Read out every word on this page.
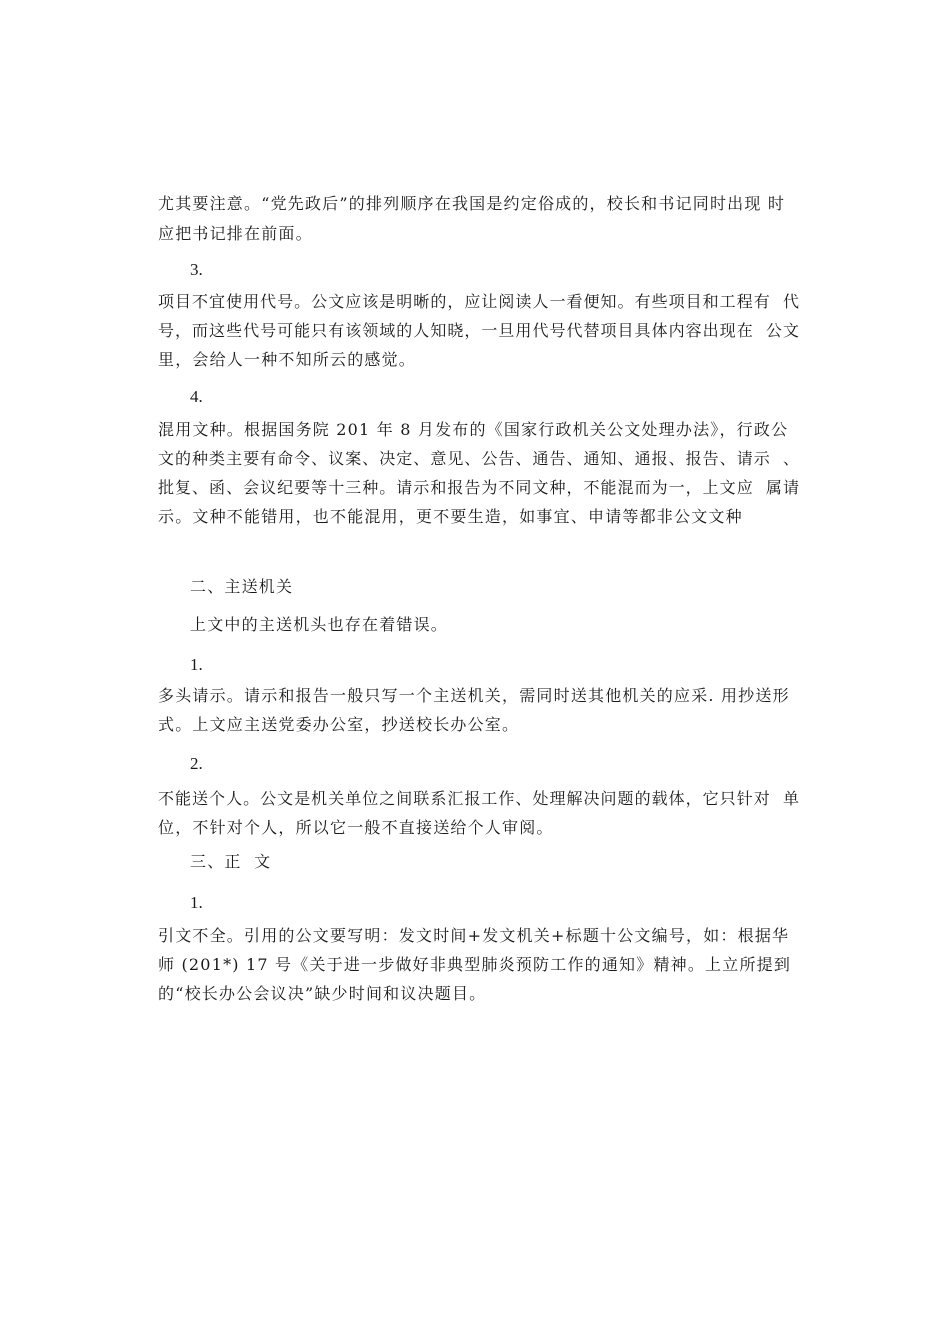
尤其要注意。“党先政后”的排列顺序在我国是约定俗成的，校长和书记同时出现 时
应把书记排在前面。
3.
项目不宜使用代号。公文应该是明晰的，应让阅读人一看便知。有些项目和工程有  代
号，而这些代号可能只有该领域的人知晓，一旦用代号代替项目具体内容出现在  公文
里，会给人一种不知所云的感觉。
4.
混用文种。根据国务院 201 年 8 月发布的《国家行政机关公文处理办法》，行政公
文的种类主要有命令、议案、决定、意见、公告、通告、通知、通报、报告、请示  、
批复、函、会议纪要等十三种。请示和报告为不同文种，不能混而为一，上文应  属请
示。文种不能错用，也不能混用，更不要生造，如事宜、申请等都非公文文种
二、主送机关
上文中的主送机头也存在着错误。
1.
多头请示。请示和报告一般只写一个主送机关，需同时送其他机关的应采. 用抄送形
式。上文应主送党委办公室，抄送校长办公室。
2.
不能送个人。公文是机关单位之间联系汇报工作、处理解决问题的载体，它只针对  单
位，不针对个人，所以它一般不直接送给个人审阅。
三、正  文
1.
引文不全。引用的公文要写明：发文时间+发文机关+标题十公文编号，如：根据华
师 (201*) 17 号《关于进一步做好非典型肺炎预防工作的通知》精神。上立所提到
的“校长办公会议决”缺少时间和议决题目。
